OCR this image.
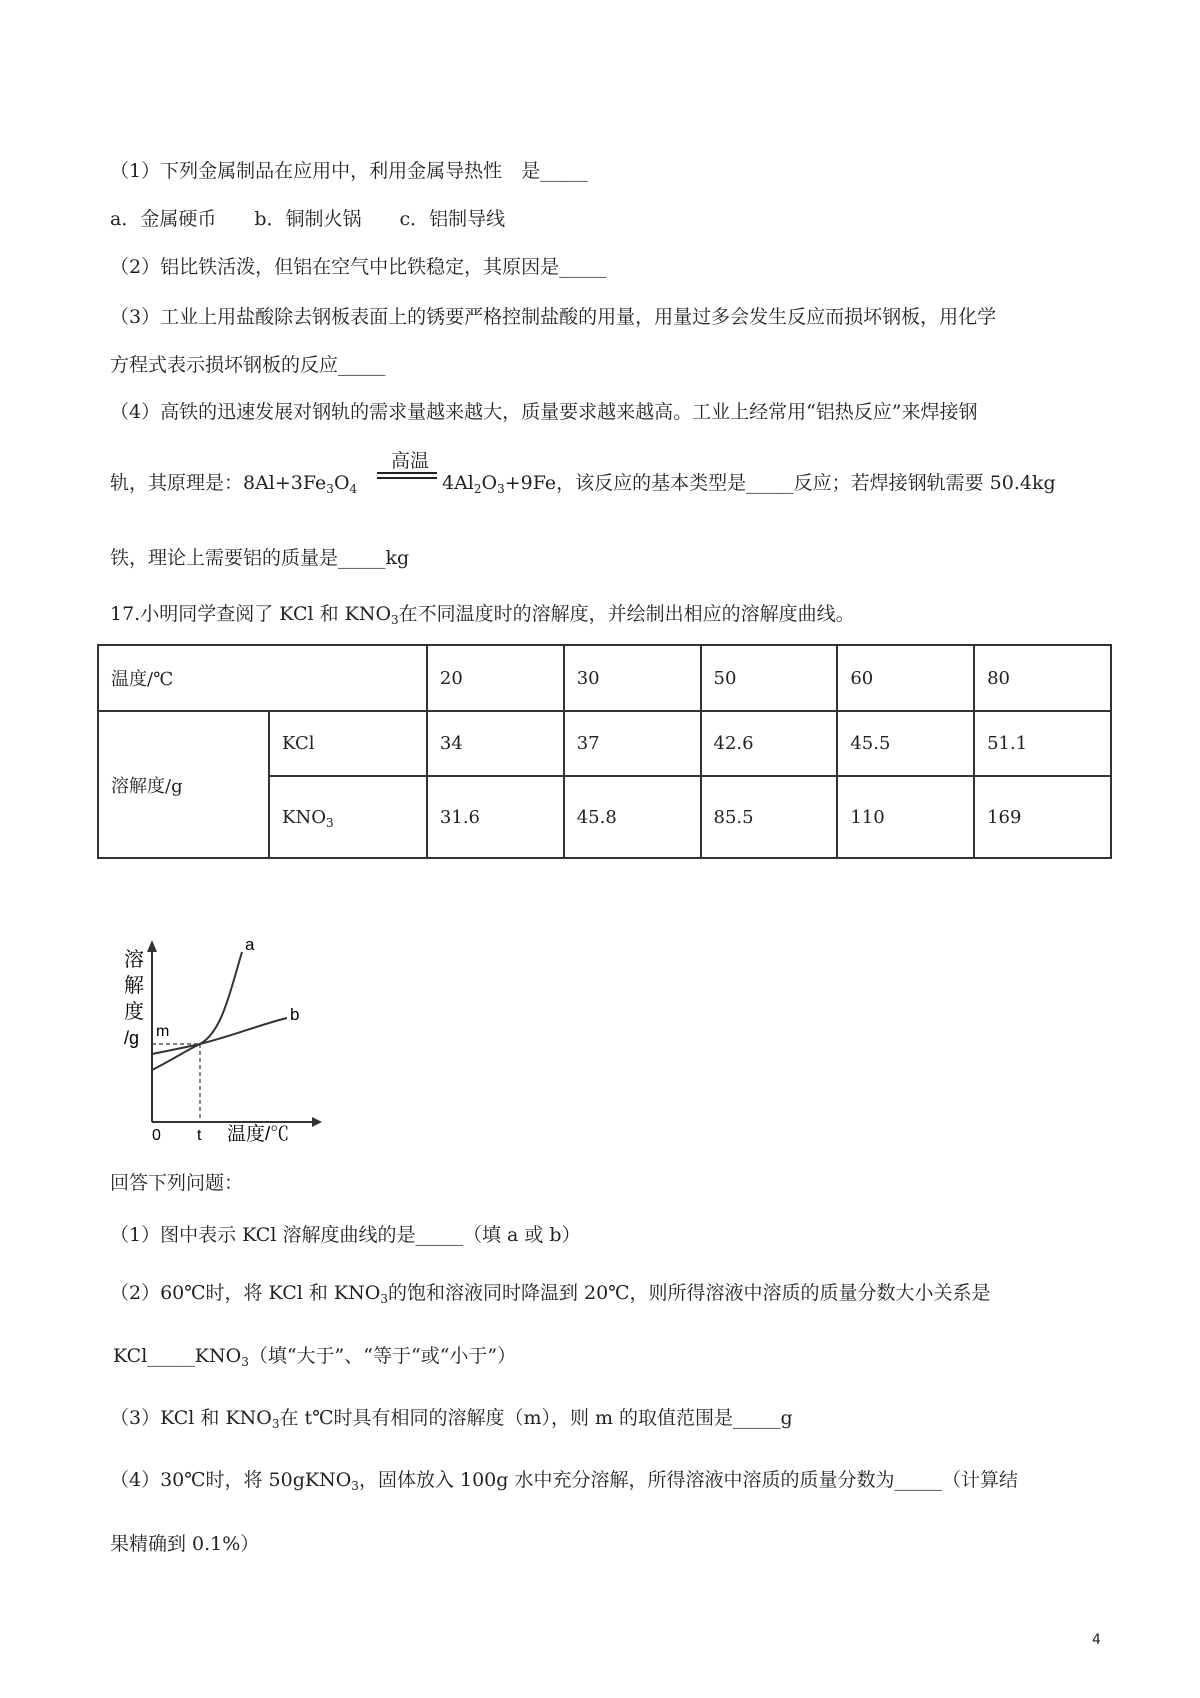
（1）下列金属制品在应用中，利用金属导热性　是_____
a．金属硬币　　b．铜制火锅　　c．铝制导线
（2）铝比铁活泼，但铝在空气中比铁稳定，其原因是_____
（3）工业上用盐酸除去钢板表面上的锈要严格控制盐酸的用量，用量过多会发生反应而损坏钢板，用化学
方程式表示损坏钢板的反应_____
（4）高铁的迅速发展对钢轨的需求量越来越大，质量要求越来越高。工业上经常用“铝热反应”来焊接钢
轨，其原理是：$8Al+3Fe_3O_4$
高温
$4Al_2O_3+9Fe$，该反应的基本类型是_____反应；若焊接钢轨需要 50.4kg
铁，理论上需要铝的质量是_____kg
17.小明同学查阅了 KCl 和 $KNO_3$在不同温度时的溶解度，并绘制出相应的溶解度曲线。
温度/℃		20	30	50	60	80
溶解度/g	KCl	34	37	42.6	45.5	51.1
	$KNO_3$	31.6	45.8	85.5	110	169
溶
解
度
/g m
0 t 温度/℃
a
b
回答下列问题：
（1）图中表示 KCl 溶解度曲线的是_____（填 a 或 b）
（2）60℃时，将 KCl 和 $KNO_3$的饱和溶液同时降温到 20℃，则所得溶液中溶质的质量分数大小关系是
$KCl\_\_\_\_\_KNO_3$（填“大于”、“等于“或“小于”）
（3）KCl 和 $KNO_3$在 t℃时具有相同的溶解度（m），则 m 的取值范围是_____g
（4）30℃时，将 50gKNO$_3$，固体放入 100g 水中充分溶解，所得溶液中溶质的质量分数为_____（计算结
果精确到 0.1%）
4
